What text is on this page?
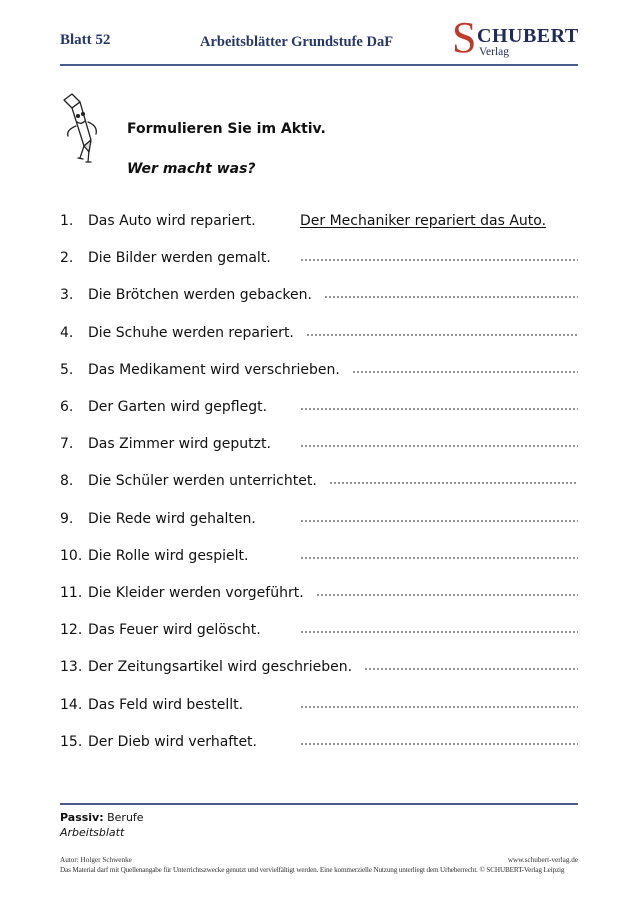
Blatt 52	Arbeitsblätter Grundstufe DaF S CHUBERT
Verlag
Formulieren Sie im Aktiv.
Wer macht was?
1. Das Auto wird repariert.	Der Mechaniker repariert das Auto.
2. Die Bilder werden gemalt.
3. Die Brötchen werden gebacken.
4. Die Schuhe werden repariert.
5. Das Medikament wird verschrieben.
6. Der Garten wird gepflegt.
7. Das Zimmer wird geputzt.
8. Die Schüler werden unterrichtet.
9. Die Rede wird gehalten.
10. Die Rolle wird gespielt.
11. Die Kleider werden vorgeführt.
12. Das Feuer wird gelöscht.
13. Der Zeitungsartikel wird geschrieben.
14. Das Feld wird bestellt.
15. Der Dieb wird verhaftet.
Passiv: Berufe
Arbeitsblatt
Autor: Holger Schwenke	www.schubert-verlag.de
Das Material darf mit Quellenangabe für Unterrichtszwecke genutzt und vervielfältigt werden. Eine kommerzielle Nutzung unterliegt dem Urheberrecht. © SCHUBERT-Verlag Leipzig
